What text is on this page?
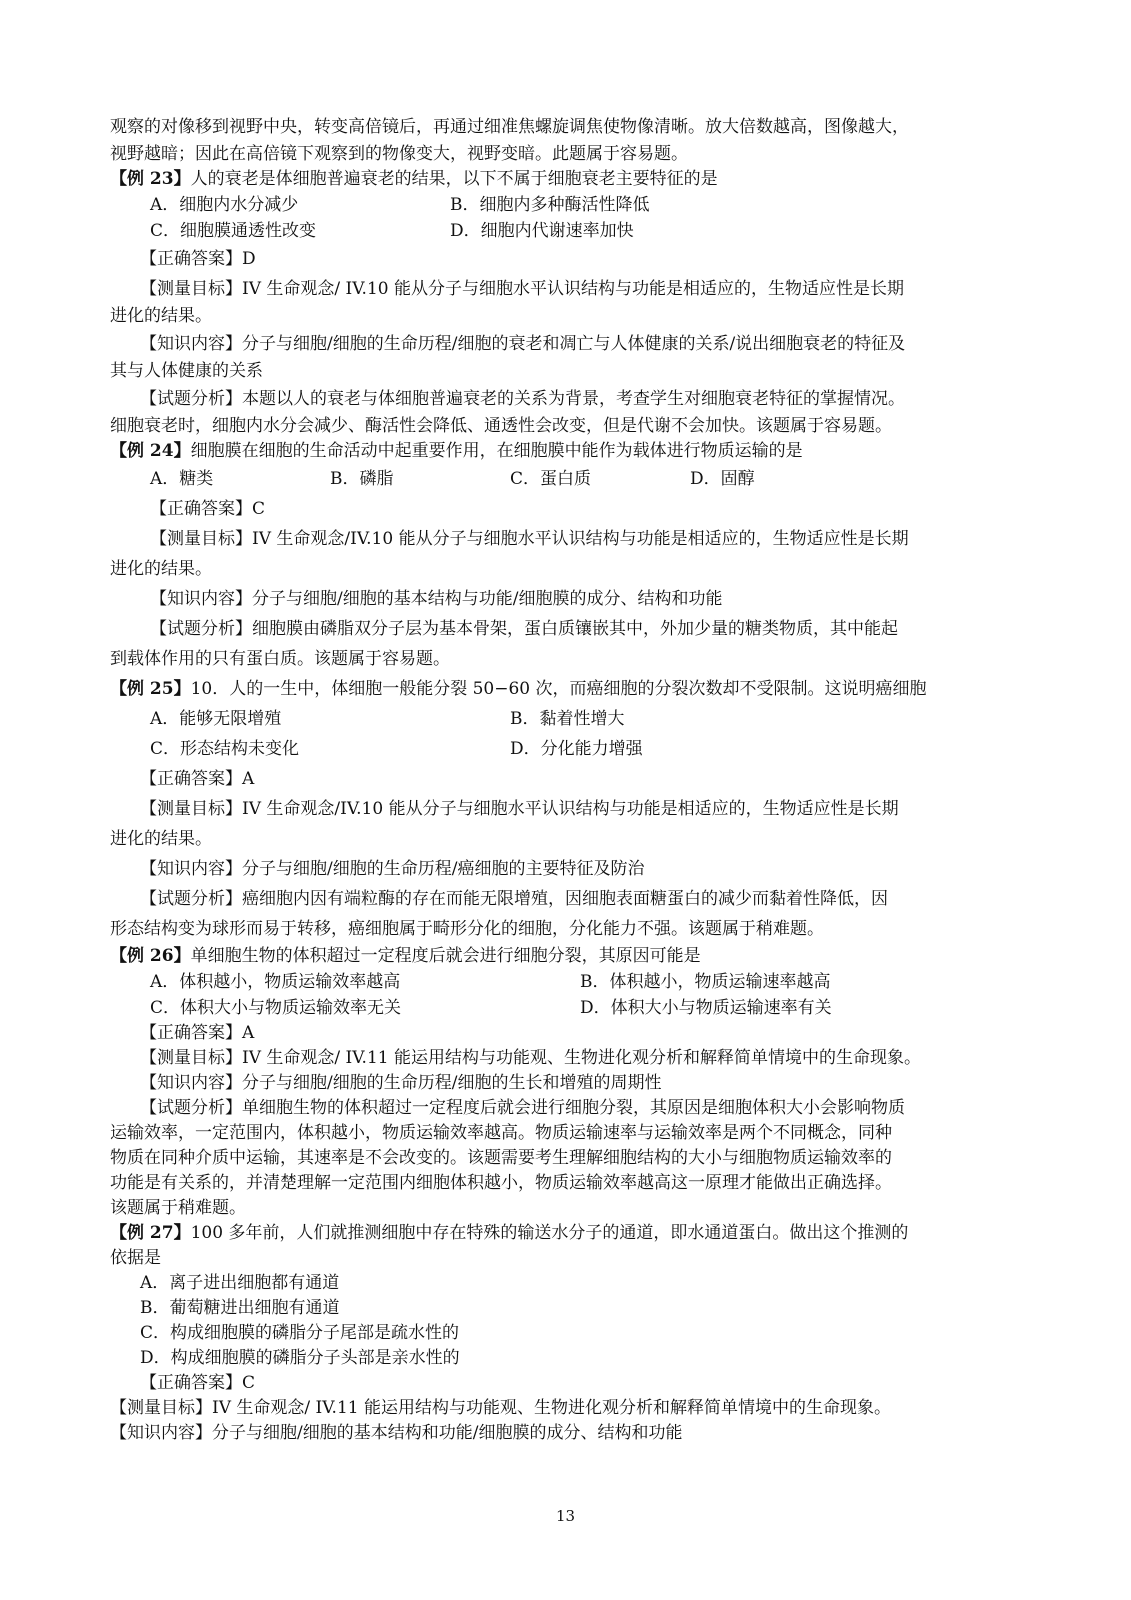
观察的对像移到视野中央，转变高倍镜后，再通过细准焦螺旋调焦使物像清晰。放大倍数越高，图像越大，
视野越暗；因此在高倍镜下观察到的物像变大，视野变暗。此题属于容易题。
【例 23】人的衰老是体细胞普遍衰老的结果，以下不属于细胞衰老主要特征的是
A．细胞内水分减少	B．细胞内多种酶活性降低
C．细胞膜通透性改变	D．细胞内代谢速率加快
【正确答案】D
【测量目标】IV 生命观念/ IV.10 能从分子与细胞水平认识结构与功能是相适应的，生物适应性是长期
进化的结果。
【知识内容】分子与细胞/细胞的生命历程/细胞的衰老和凋亡与人体健康的关系/说出细胞衰老的特征及
其与人体健康的关系
【试题分析】本题以人的衰老与体细胞普遍衰老的关系为背景，考查学生对细胞衰老特征的掌握情况。
细胞衰老时，细胞内水分会减少、酶活性会降低、通透性会改变，但是代谢不会加快。该题属于容易题。
【例 24】细胞膜在细胞的生命活动中起重要作用，在细胞膜中能作为载体进行物质运输的是
A．糖类	B．磷脂	C．蛋白质	D．固醇
【正确答案】C
【测量目标】IV 生命观念/IV.10 能从分子与细胞水平认识结构与功能是相适应的，生物适应性是长期
进化的结果。
【知识内容】分子与细胞/细胞的基本结构与功能/细胞膜的成分、结构和功能
【试题分析】细胞膜由磷脂双分子层为基本骨架，蛋白质镶嵌其中，外加少量的糖类物质，其中能起
到载体作用的只有蛋白质。该题属于容易题。
【例 25】10．人的一生中，体细胞一般能分裂 50−60 次，而癌细胞的分裂次数却不受限制。这说明癌细胞
A．能够无限增殖	B．黏着性增大
C．形态结构未变化	D．分化能力增强
【正确答案】A
【测量目标】IV 生命观念/IV.10 能从分子与细胞水平认识结构与功能是相适应的，生物适应性是长期
进化的结果。
【知识内容】分子与细胞/细胞的生命历程/癌细胞的主要特征及防治
【试题分析】癌细胞内因有端粒酶的存在而能无限增殖，因细胞表面糖蛋白的减少而黏着性降低，因
形态结构变为球形而易于转移，癌细胞属于畸形分化的细胞，分化能力不强。该题属于稍难题。
【例 26】单细胞生物的体积超过一定程度后就会进行细胞分裂，其原因可能是
A．体积越小，物质运输效率越高	B．体积越小，物质运输速率越高
C．体积大小与物质运输效率无关	D．体积大小与物质运输速率有关
【正确答案】A
【测量目标】IV 生命观念/ IV.11 能运用结构与功能观、生物进化观分析和解释简单情境中的生命现象。
【知识内容】分子与细胞/细胞的生命历程/细胞的生长和增殖的周期性
【试题分析】单细胞生物的体积超过一定程度后就会进行细胞分裂，其原因是细胞体积大小会影响物质
运输效率，一定范围内，体积越小，物质运输效率越高。物质运输速率与运输效率是两个不同概念，同种
物质在同种介质中运输，其速率是不会改变的。该题需要考生理解细胞结构的大小与细胞物质运输效率的
功能是有关系的，并清楚理解一定范围内细胞体积越小，物质运输效率越高这一原理才能做出正确选择。
该题属于稍难题。
【例 27】100 多年前，人们就推测细胞中存在特殊的输送水分子的通道，即水通道蛋白。做出这个推测的
依据是
A．离子进出细胞都有通道
B．葡萄糖进出细胞有通道
C．构成细胞膜的磷脂分子尾部是疏水性的
D．构成细胞膜的磷脂分子头部是亲水性的
【正确答案】C
【测量目标】IV 生命观念/ IV.11 能运用结构与功能观、生物进化观分析和解释简单情境中的生命现象。
【知识内容】分子与细胞/细胞的基本结构和功能/细胞膜的成分、结构和功能
13
